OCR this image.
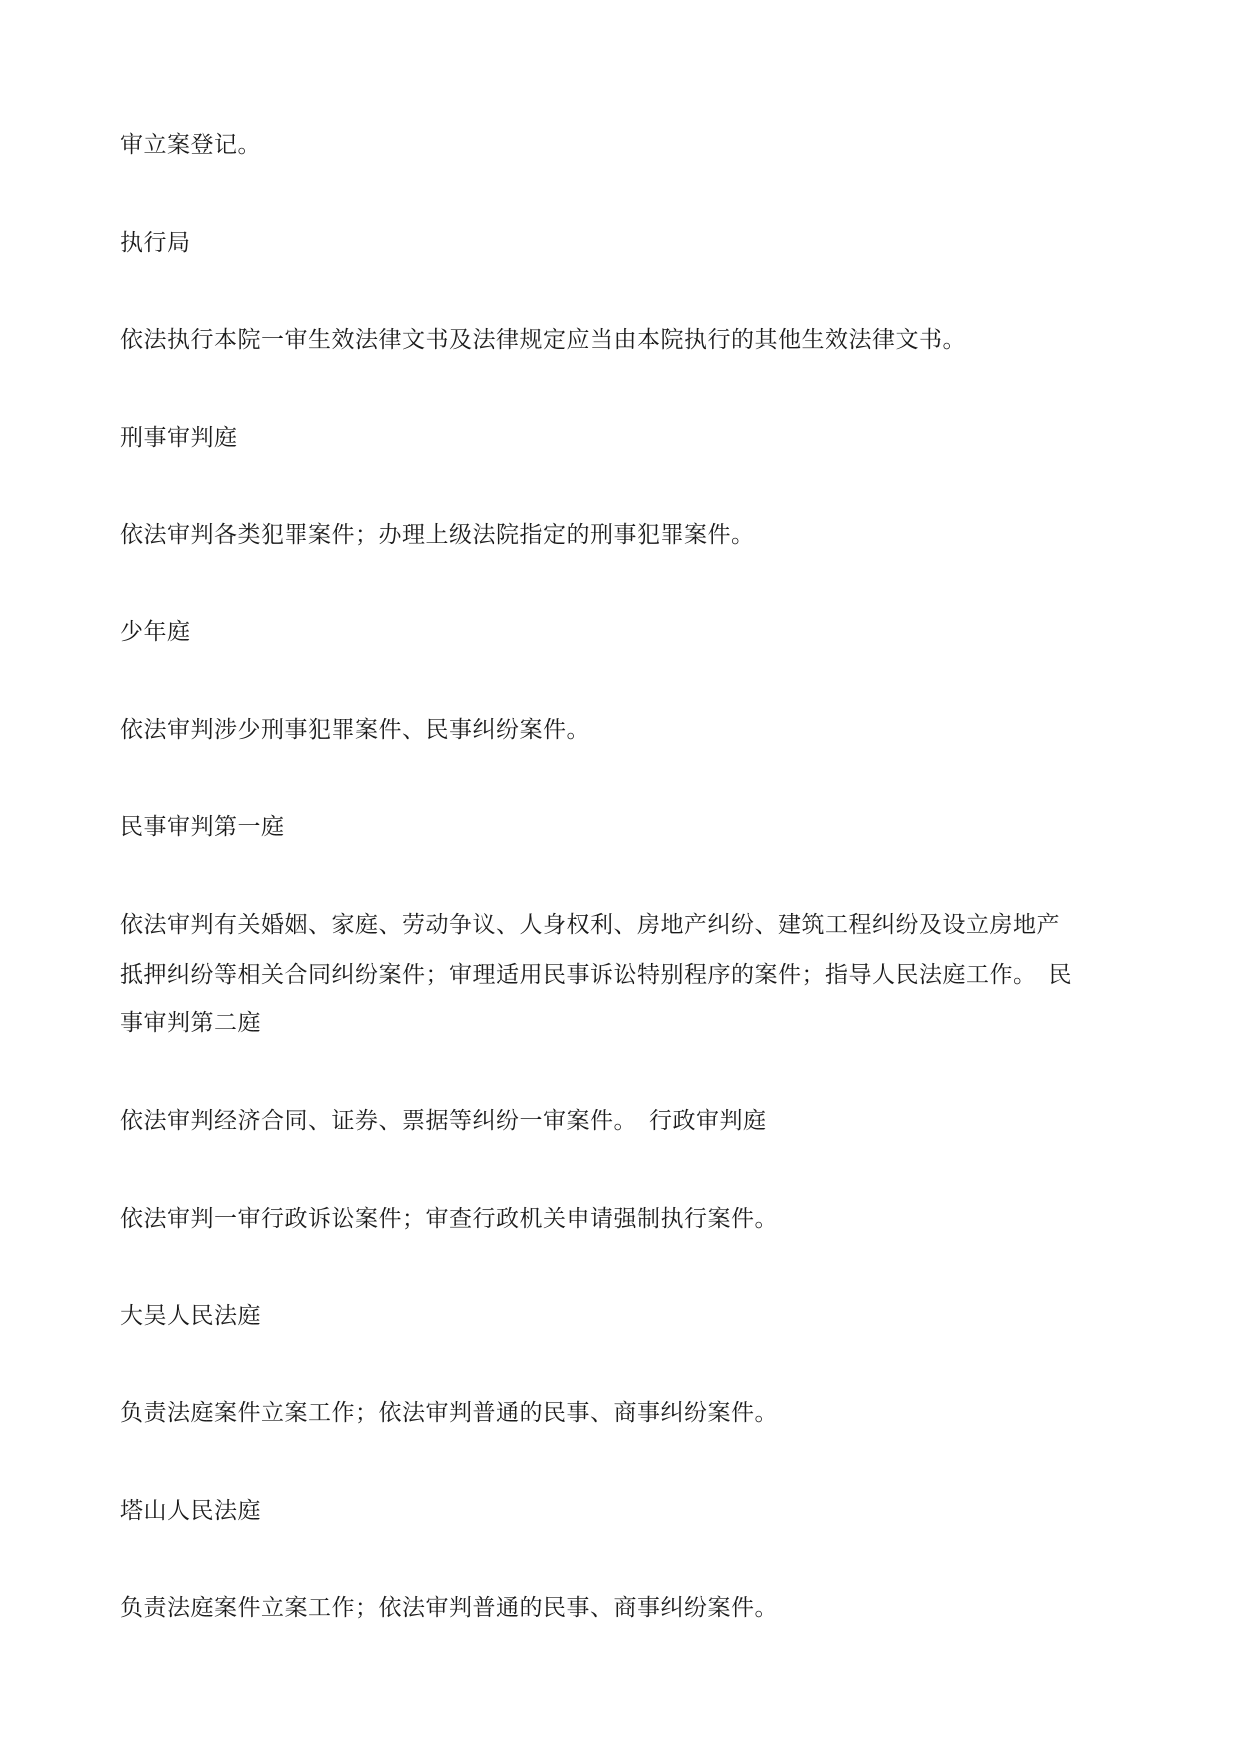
审立案登记。
执行局
依法执行本院一审生效法律文书及法律规定应当由本院执行的其他生效法律文书。
刑事审判庭
依法审判各类犯罪案件；办理上级法院指定的刑事犯罪案件。
少年庭
依法审判涉少刑事犯罪案件、民事纠纷案件。
民事审判第一庭
依法审判有关婚姻、家庭、劳动争议、人身权利、房地产纠纷、建筑工程纠纷及设立房地产
抵押纠纷等相关合同纠纷案件；审理适用民事诉讼特别程序的案件；指导人民法庭工作。　民
事审判第二庭
依法审判经济合同、证券、票据等纠纷一审案件。　行政审判庭
依法审判一审行政诉讼案件；审查行政机关申请强制执行案件。
大吴人民法庭
负责法庭案件立案工作；依法审判普通的民事、商事纠纷案件。
塔山人民法庭
负责法庭案件立案工作；依法审判普通的民事、商事纠纷案件。
